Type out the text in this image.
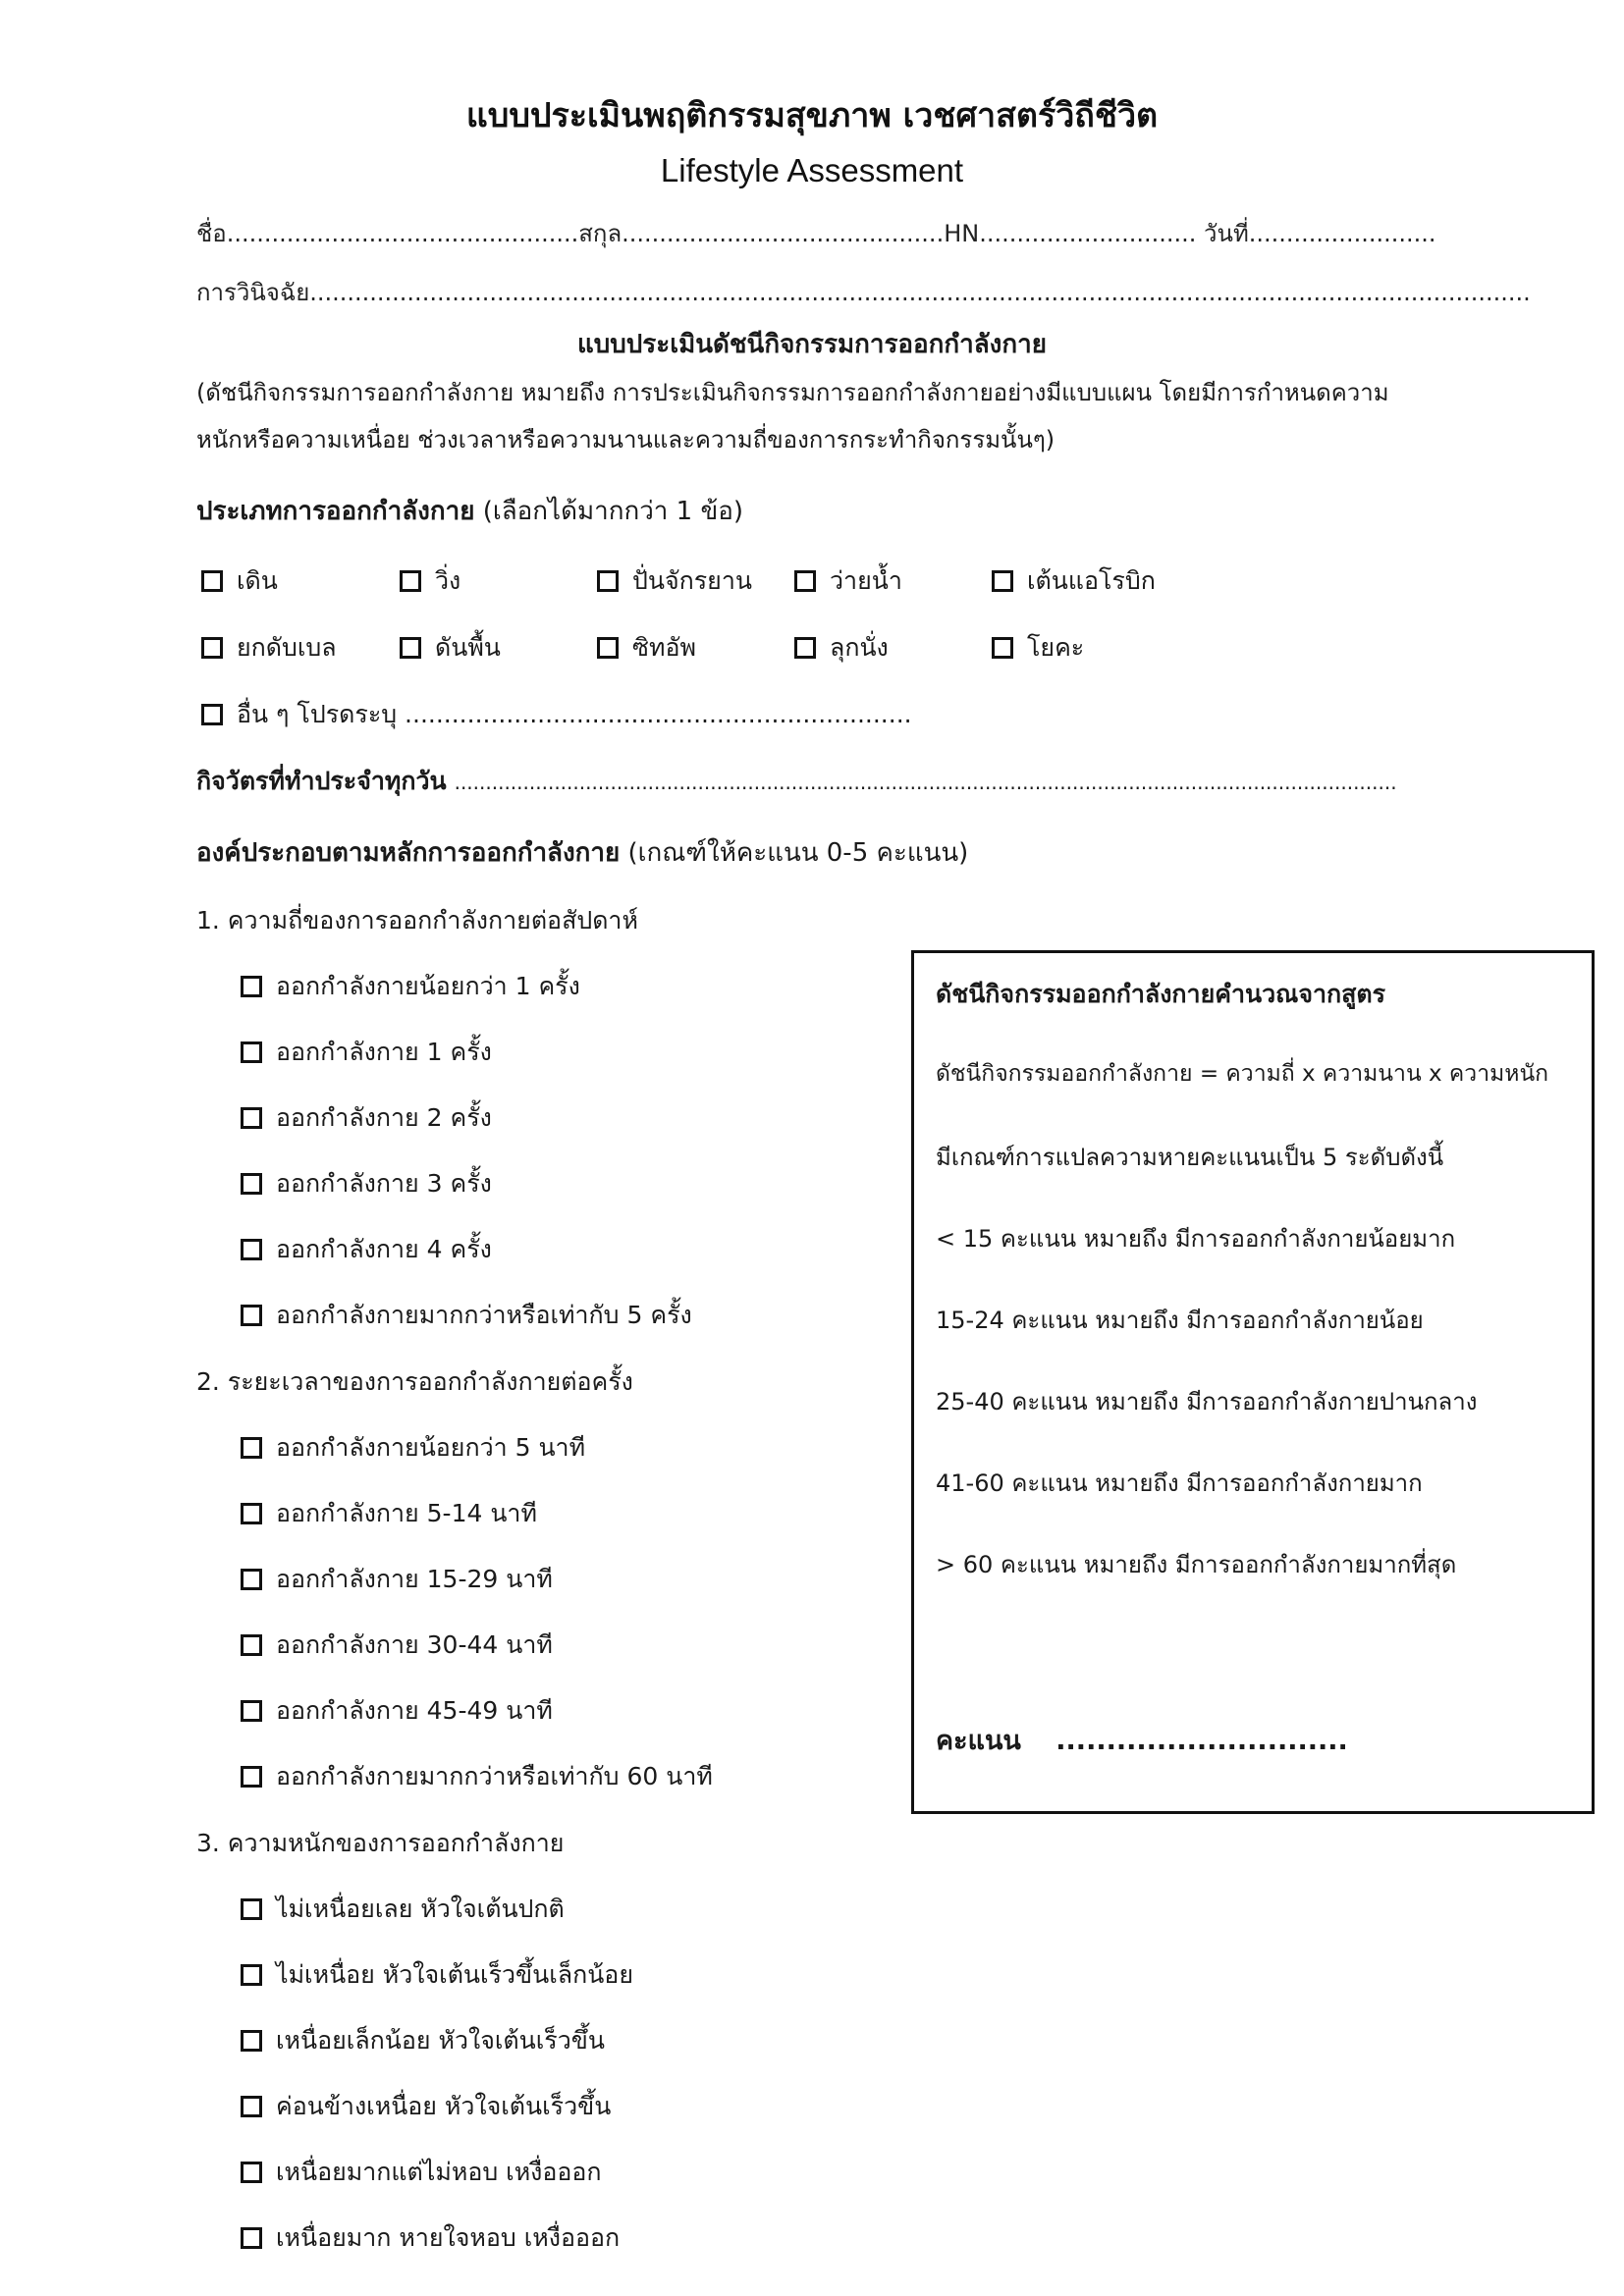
แบบประเมินพฤติกรรมสุขภาพ เวชศาสตร์วิถีชีวิต
Lifestyle Assessment
ชื่อ...............................................สกุล...........................................HN............................. วันที่.........................
การวินิจฉัย...................................................................................................................................................................
แบบประเมินดัชนีกิจกรรมการออกกำลังกาย
(ดัชนีกิจกรรมการออกกำลังกาย หมายถึง การประเมินกิจกรรมการออกกำลังกายอย่างมีแบบแผน โดยมีการกำหนดความ
หนักหรือความเหนื่อย ช่วงเวลาหรือความนานและความถี่ของการกระทำกิจกรรมนั้นๆ)
ประเภทการออกกำลังกาย (เลือกได้มากกว่า 1 ข้อ)
เดิน	วิ่ง	ปั่นจักรยาน	ว่ายน้ำ	เต้นแอโรบิก
ยกดับเบล	ดันพื้น	ซิทอัพ	ลุกนั่ง	โยคะ
อื่น ๆ โปรดระบุ .................................................................
กิจวัตรที่ทำประจำทุกวัน .......................................................................................................................................................
องค์ประกอบตามหลักการออกกำลังกาย (เกณฑ์ให้คะแนน 0-5 คะแนน)
1. ความถี่ของการออกกำลังกายต่อสัปดาห์
ออกกำลังกายน้อยกว่า 1 ครั้ง
ออกกำลังกาย 1 ครั้ง
ออกกำลังกาย 2 ครั้ง
ออกกำลังกาย 3 ครั้ง
ออกกำลังกาย 4 ครั้ง
ออกกำลังกายมากกว่าหรือเท่ากับ 5 ครั้ง
2. ระยะเวลาของการออกกำลังกายต่อครั้ง
ออกกำลังกายน้อยกว่า 5 นาที
ออกกำลังกาย 5-14 นาที
ออกกำลังกาย 15-29 นาที
ออกกำลังกาย 30-44 นาที
ออกกำลังกาย 45-49 นาที
ออกกำลังกายมากกว่าหรือเท่ากับ 60 นาที
3. ความหนักของการออกกำลังกาย
ไม่เหนื่อยเลย หัวใจเต้นปกติ
ไม่เหนื่อย หัวใจเต้นเร็วขึ้นเล็กน้อย
เหนื่อยเล็กน้อย หัวใจเต้นเร็วขึ้น
ค่อนข้างเหนื่อย หัวใจเต้นเร็วขึ้น
เหนื่อยมากแต่ไม่หอบ เหงื่อออก
เหนื่อยมาก หายใจหอบ เหงื่อออก
ดัชนีกิจกรรมออกกำลังกายคำนวณจากสูตร
ดัชนีกิจกรรมออกกำลังกาย = ความถี่ x ความนาน x ความหนัก
มีเกณฑ์การแปลความหายคะแนนเป็น 5 ระดับดังนี้
< 15 คะแนน หมายถึง มีการออกกำลังกายน้อยมาก
15-24 คะแนน หมายถึง มีการออกกำลังกายน้อย
25-40 คะแนน หมายถึง มีการออกกำลังกายปานกลาง
41-60 คะแนน หมายถึง มีการออกกำลังกายมาก
> 60 คะแนน หมายถึง มีการออกกำลังกายมากที่สุด
คะแนน .............................
